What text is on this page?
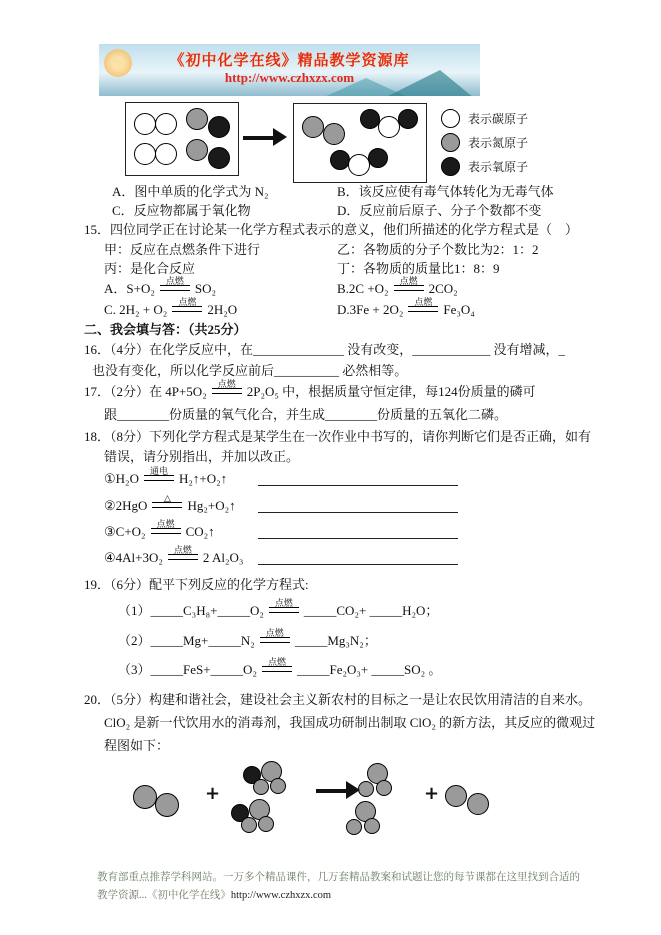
《初中化学在线》精品教学资源库
http://www.czhxzx.com
表示碳原子
表示氮原子
表示氧原子
A．图中单质的化学式为 N₂	B．该反应使有毒气体转化为无毒气体
C．反应物都属于氧化物	D．反应前后原子、分子个数都不变
15．四位同学正在讨论某一化学方程式表示的意义，他们所描述的化学方程式是（　）
甲：反应在点燃条件下进行	乙：各物质的分子个数比为2：1：2
丙：是化合反应	丁：各物质的质量比1：8：9
A．S+O₂ 点燃 SO₂	B.2C +O₂ 点燃 2CO₂
C. 2H₂ + O₂ 点燃 2H₂O	D.3Fe + 2O₂ 点燃 Fe₃O₄
二、我会填与答：（共25分）
16．（4分）在化学反应中，在______________ 没有改变，____________ 没有增减，_
也没有变化，所以化学反应前后__________ 必然相等。
17．（2分）在 4P+5O₂ 点燃 2P₂O₅ 中，根据质量守恒定律，每124份质量的磷可
跟________份质量的氧气化合，并生成________份质量的五氧化二磷。
18．（8分）下列化学方程式是某学生在一次作业中书写的，请你判断它们是否正确，如有
错误，请分别指出，并加以改正。
①H₂O 通电 H₂↑+O₂↑
②2HgO △ Hg₂+O₂↑
③C+O₂ 点燃 CO₂↑
④4Al+3O₂ 点燃 2 Al₂O₃
19．（6分）配平下列反应的化学方程式:
（1）_____C₃H₈+_____O₂ 点燃 _____CO₂+ _____H₂O；
（2）_____Mg+_____N₂ 点燃 _____Mg₃N₂；
（3）_____FeS+_____O₂ 点燃 _____Fe₂O₃+ _____SO₂ 。
20．（5分）构建和谐社会，建设社会主义新农村的目标之一是让农民饮用清洁的自来水。
ClO₂ 是新一代饮用水的消毒剂，我国成功研制出制取 ClO₂ 的新方法，其反应的微观过
程图如下：
+	+
教育部重点推荐学科网站。一万多个精品课件，几万套精品教案和试题让您的每节课都在这里找到合适的
教学资源...《初中化学在线》http://www.czhxzx.com
